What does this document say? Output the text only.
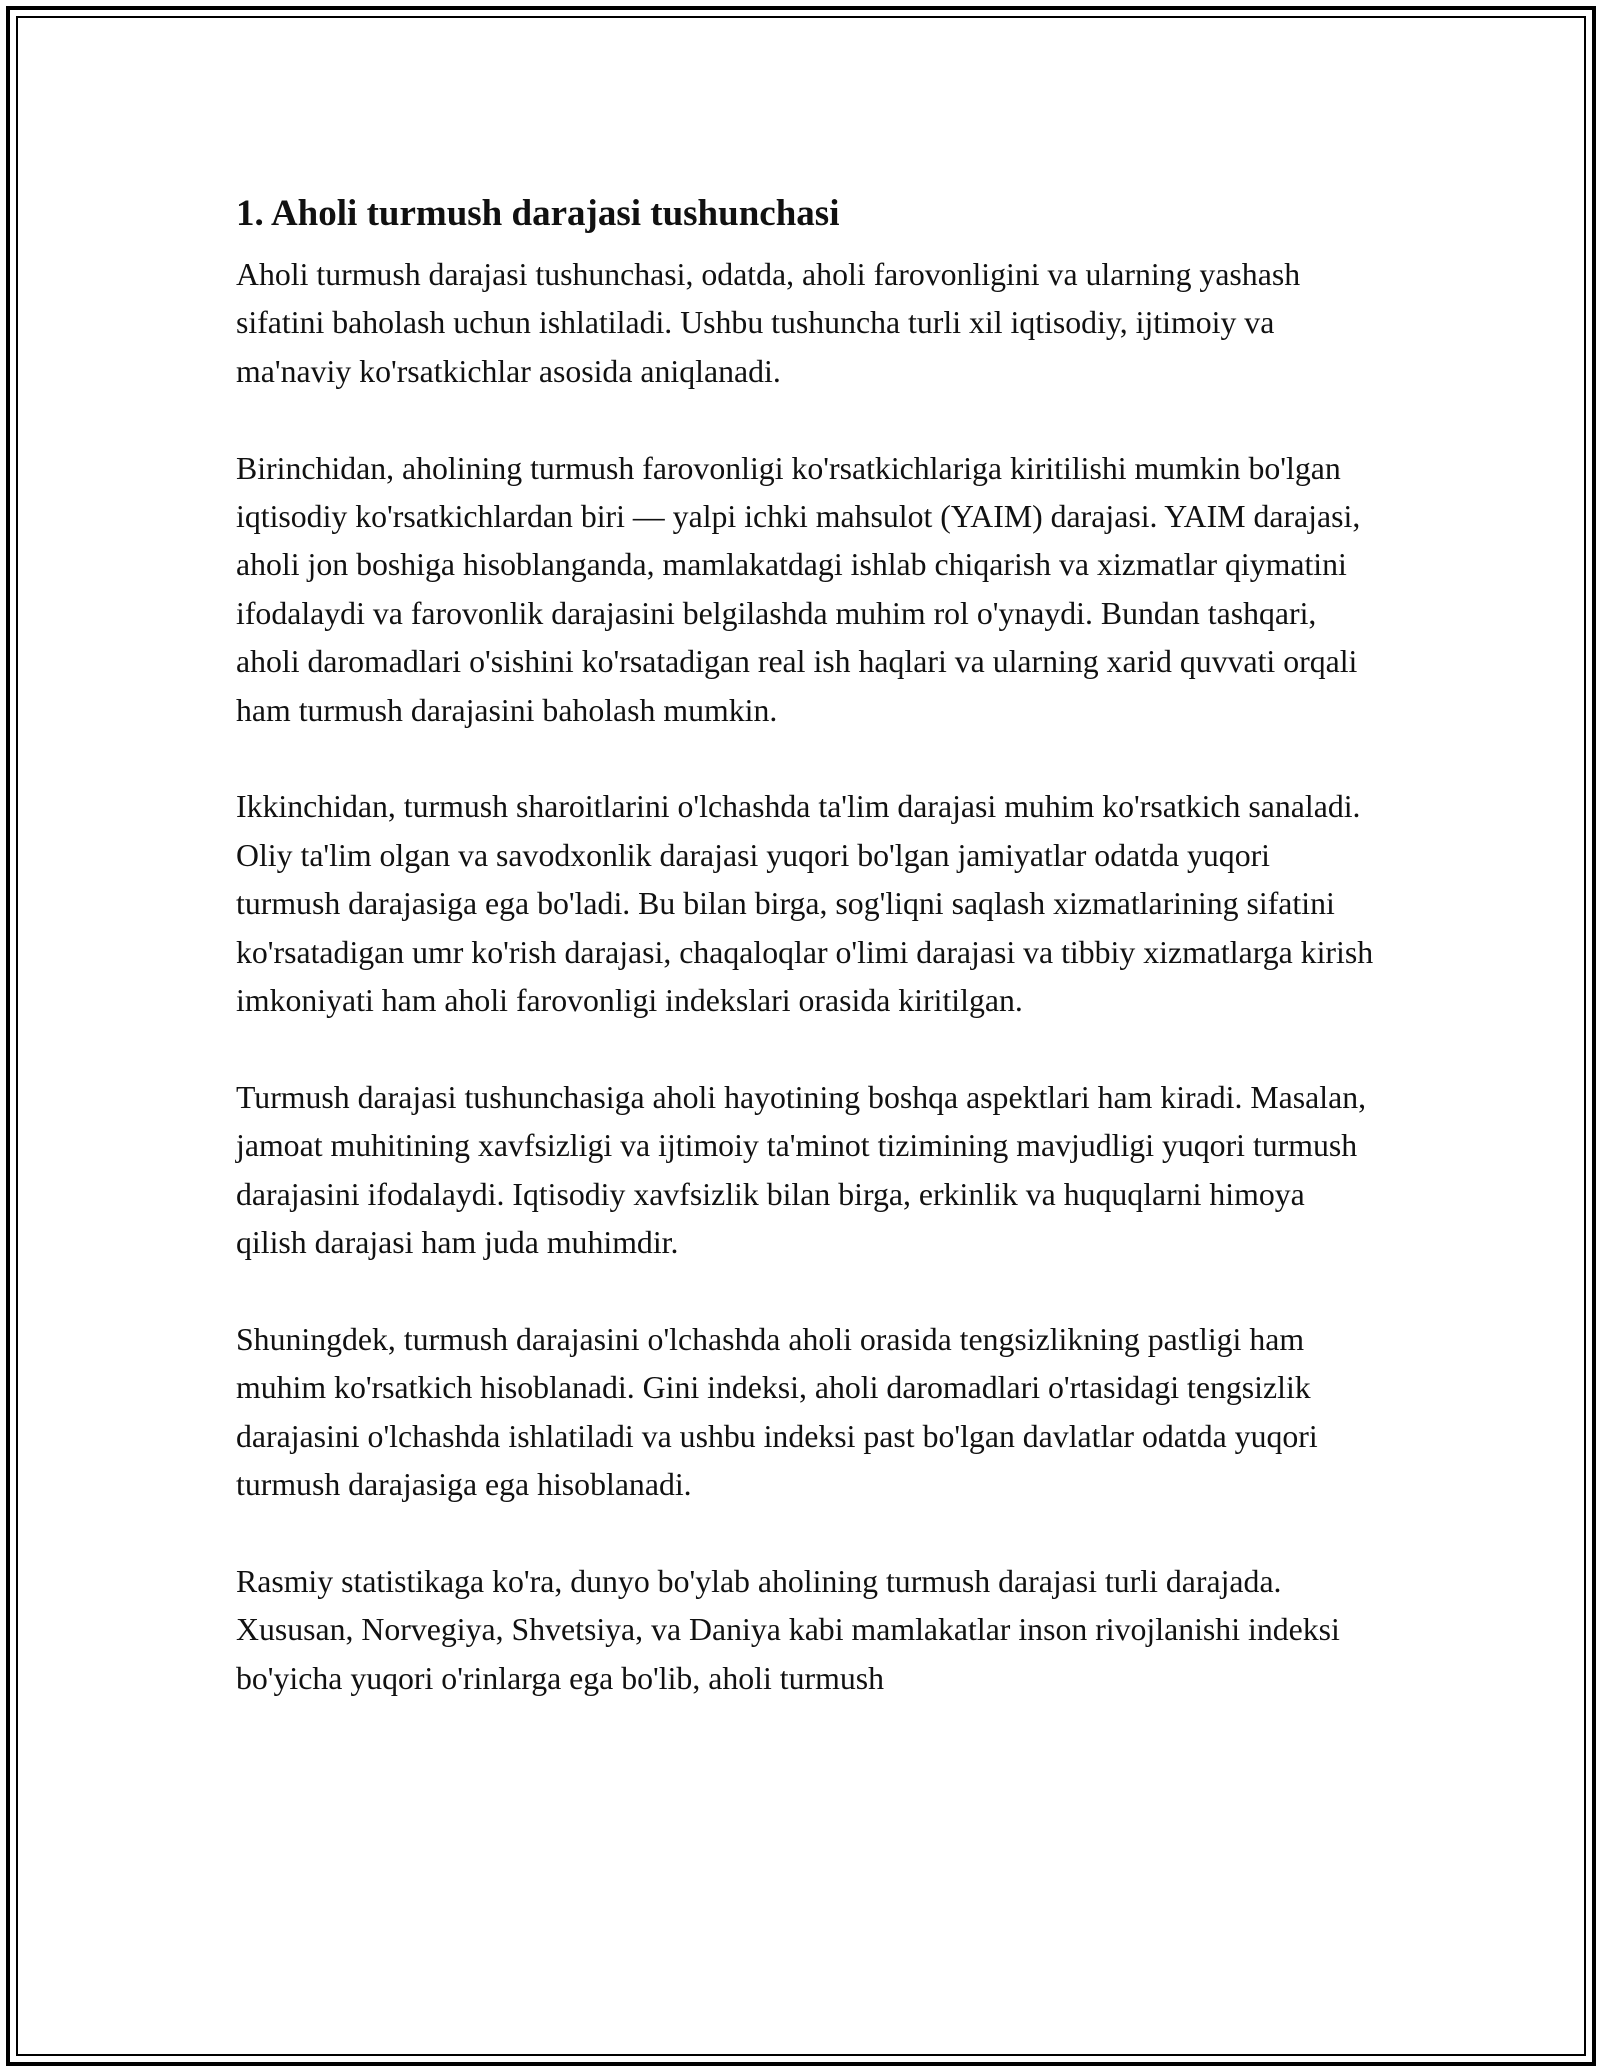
1. Aholi turmush darajasi tushunchasi

Aholi turmush darajasi tushunchasi, odatda, aholi farovonligini va ularning yashash sifatini baholash uchun ishlatiladi. Ushbu tushuncha turli xil iqtisodiy, ijtimoiy va ma'naviy ko'rsatkichlar asosida aniqlanadi.

Birinchidan, aholining turmush farovonligi ko'rsatkichlariga kiritilishi mumkin bo'lgan iqtisodiy ko'rsatkichlardan biri — yalpi ichki mahsulot (YAIM) darajasi. YAIM darajasi, aholi jon boshiga hisoblanganda, mamlakatdagi ishlab chiqarish va xizmatlar qiymatini ifodalaydi va farovonlik darajasini belgilashda muhim rol o'ynaydi. Bundan tashqari, aholi daromadlari o'sishini ko'rsatadigan real ish haqlari va ularning xarid quvvati orqali ham turmush darajasini baholash mumkin.

Ikkinchidan, turmush sharoitlarini o'lchashda ta'lim darajasi muhim ko'rsatkich sanaladi. Oliy ta'lim olgan va savodxonlik darajasi yuqori bo'lgan jamiyatlar odatda yuqori turmush darajasiga ega bo'ladi. Bu bilan birga, sog'liqni saqlash xizmatlarining sifatini ko'rsatadigan umr ko'rish darajasi, chaqaloqlar o'limi darajasi va tibbiy xizmatlarga kirish imkoniyati ham aholi farovonligi indekslari orasida kiritilgan.

Turmush darajasi tushunchasiga aholi hayotining boshqa aspektlari ham kiradi. Masalan, jamoat muhitining xavfsizligi va ijtimoiy ta'minot tizimining mavjudligi yuqori turmush darajasini ifodalaydi. Iqtisodiy xavfsizlik bilan birga, erkinlik va huquqlarni himoya qilish darajasi ham juda muhimdir.

Shuningdek, turmush darajasini o'lchashda aholi orasida tengsizlikning pastligi ham muhim ko'rsatkich hisoblanadi. Gini indeksi, aholi daromadlari o'rtasidagi tengsizlik darajasini o'lchashda ishlatiladi va ushbu indeksi past bo'lgan davlatlar odatda yuqori turmush darajasiga ega hisoblanadi.

Rasmiy statistikaga ko'ra, dunyo bo'ylab aholining turmush darajasi turli darajada. Xususan, Norvegiya, Shvetsiya, va Daniya kabi mamlakatlar inson rivojlanishi indeksi bo'yicha yuqori o'rinlarga ega bo'lib, aholi turmush
